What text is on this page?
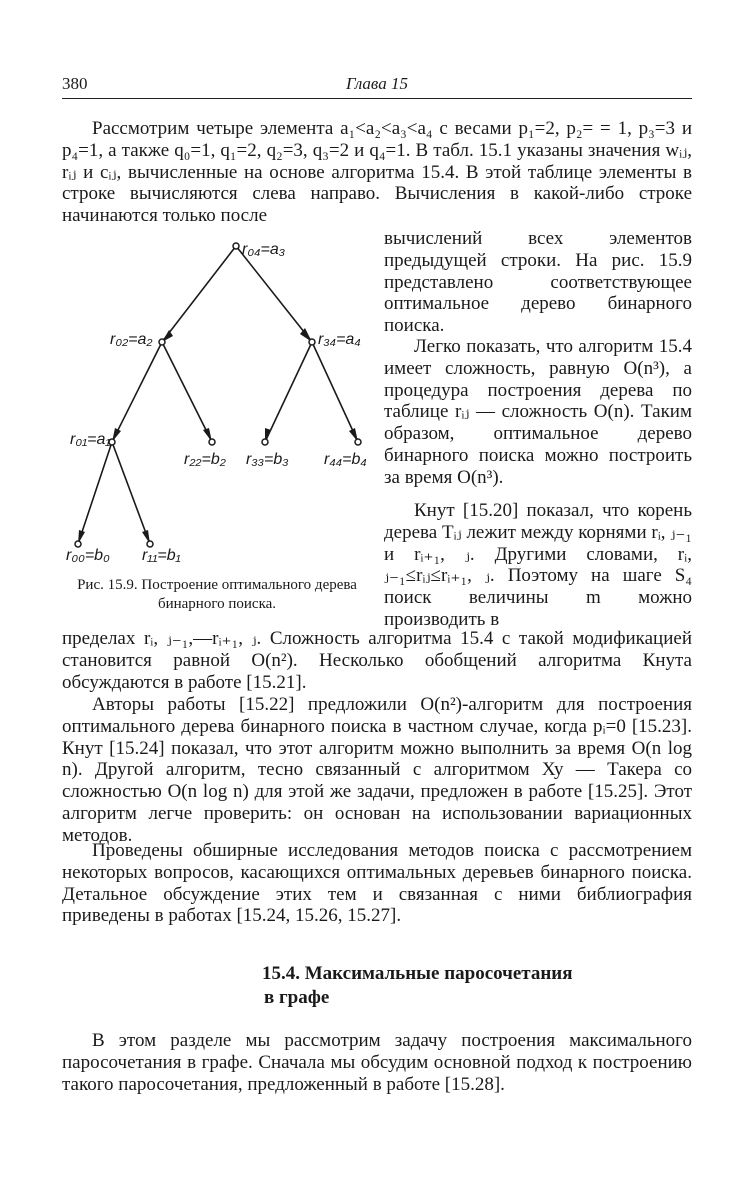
380	Глава 15

Рассмотрим четыре элемента a₁<a₂<a₃<a₄ с весами p₁=2, p₂= = 1, p₃=3 и p₄=1, а также q₀=1, q₁=2, q₂=3, q₃=2 и q₄=1. В табл. 15.1 указаны значения wᵢⱼ, rᵢⱼ и cᵢⱼ, вычисленные на основе алгоритма 15.4. В этой таблице элементы в строке вычисляются слева направо. Вычисления в какой-либо строке начинаются только после

r₀₄=a₃
r₀₂=a₂	r₃₄=a₄
r₀₁=a₁
r₂₂=b₂ r₃₃=b₃ r₄₄=b₄
r₀₀=b₀ r₁₁=b₁

Рис. 15.9. Построение оптимального дерева бинарного поиска.

вычислений всех элементов предыдущей строки. На рис. 15.9 представлено соответствующее оптимальное дерево бинарного поиска.

Легко показать, что алгоритм 15.4 имеет сложность, равную O(n³), а процедура построения дерева по таблице rᵢⱼ — сложность O(n). Таким образом, оптимальное дерево бинарного поиска можно построить за время O(n³).

Кнут [15.20] показал, что корень дерева Tᵢⱼ лежит между корнями rᵢ, ⱼ₋₁ и rᵢ₊₁, ⱼ. Другими словами, rᵢ, ⱼ₋₁≤rᵢⱼ≤rᵢ₊₁, ⱼ. Поэтому на шаге S₄ поиск величины m можно производить в

пределах rᵢ, ⱼ₋₁,—rᵢ₊₁, ⱼ. Сложность алгоритма 15.4 с такой модификацией становится равной O(n²). Несколько обобщений алгоритма Кнута обсуждаются в работе [15.21].

Авторы работы [15.22] предложили O(n²)-алгоритм для построения оптимального дерева бинарного поиска в частном случае, когда pᵢ=0 [15.23]. Кнут [15.24] показал, что этот алгоритм можно выполнить за время O(n log n). Другой алгоритм, тесно связанный с алгоритмом Ху — Такера со сложностью O(n log n) для этой же задачи, предложен в работе [15.25]. Этот алгоритм легче проверить: он основан на использовании вариационных методов.

Проведены обширные исследования методов поиска с рассмотрением некоторых вопросов, касающихся оптимальных деревьев бинарного поиска. Детальное обсуждение этих тем и связанная с ними библиография приведены в работах [15.24, 15.26, 15.27].

15.4. Максимальные паросочетания
в графе

В этом разделе мы рассмотрим задачу построения максимального паросочетания в графе. Сначала мы обсудим основной подход к построению такого паросочетания, предложенный в работе [15.28].
